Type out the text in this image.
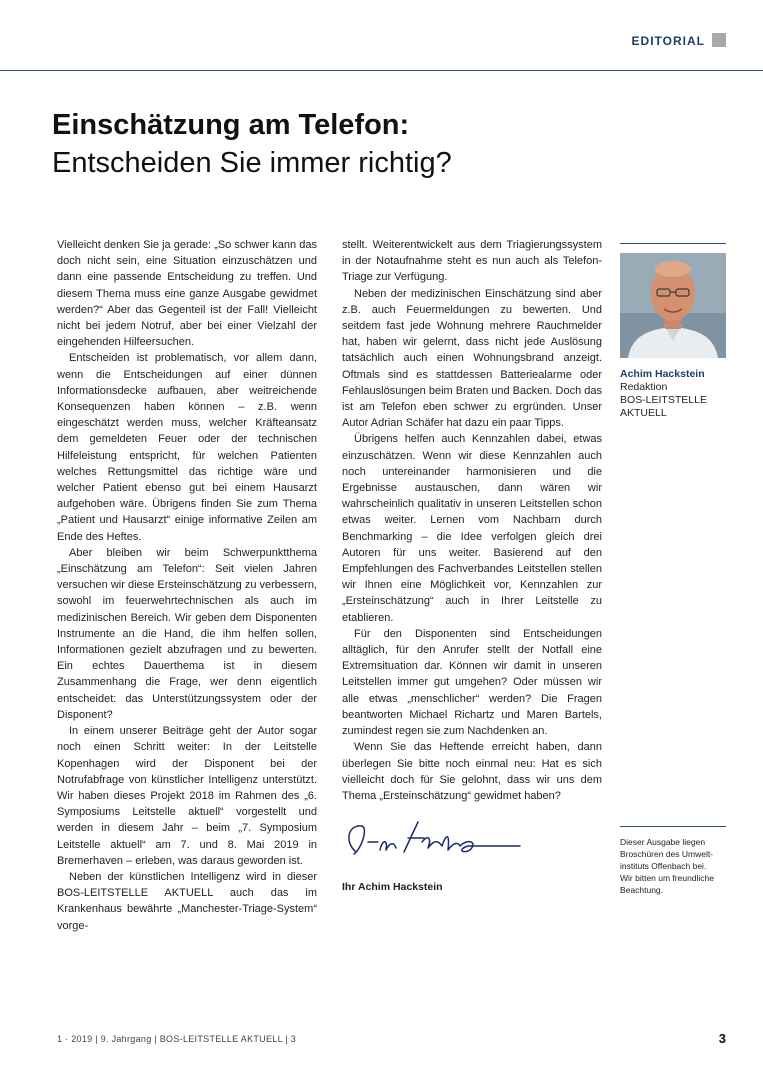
EDITORIAL
Einschätzung am Telefon:
Entscheiden Sie immer richtig?

Vielleicht denken Sie ja gerade: „So schwer kann das doch nicht sein, eine Situation einzuschätzen und dann eine passende Entscheidung zu treffen. Und diesem Thema muss eine ganze Ausgabe gewidmet werden?“ Aber das Gegenteil ist der Fall! Vielleicht nicht bei jedem Notruf, aber bei einer Vielzahl der eingehenden Hilfeersuchen.

Entscheiden ist problematisch, vor allem dann, wenn die Entscheidungen auf einer dünnen Informationsdecke aufbauen, aber weitreichende Konsequenzen haben können – z.B. wenn eingeschätzt werden muss, welcher Kräfteansatz dem gemeldeten Feuer oder der technischen Hilfeleistung entspricht, für welchen Patienten welches Rettungsmittel das richtige wäre und welcher Patient ebenso gut bei einem Hausarzt aufgehoben wäre. Übrigens finden Sie zum Thema „Patient und Hausarzt“ einige informative Zeilen am Ende des Heftes.

Aber bleiben wir beim Schwerpunktthema „Einschätzung am Telefon“: Seit vielen Jahren versuchen wir diese Ersteinschätzung zu verbessern, sowohl im feuerwehrtechnischen als auch im medizinischen Bereich. Wir geben dem Disponenten Instrumente an die Hand, die ihm helfen sollen, Informationen gezielt abzufragen und zu bewerten. Ein echtes Dauerthema ist in diesem Zusammenhang die Frage, wer denn eigentlich entscheidet: das Unterstützungssystem oder der Disponent?

In einem unserer Beiträge geht der Autor sogar noch einen Schritt weiter: In der Leitstelle Kopenhagen wird der Disponent bei der Notrufabfrage von künstlicher Intelligenz unterstützt. Wir haben dieses Projekt 2018 im Rahmen des „6. Symposiums Leitstelle aktuell“ vorgestellt und werden in diesem Jahr – beim „7. Symposium Leitstelle aktuell“ am 7. und 8. Mai 2019 in Bremerhaven – erleben, was daraus geworden ist.

Neben der künstlichen Intelligenz wird in dieser BOS-LEITSTELLE AKTUELL auch das im Krankenhaus bewährte „Manchester-Triage-System“ vorge-

stellt. Weiterentwickelt aus dem Triagierungssystem in der Notaufnahme steht es nun auch als Telefon-Triage zur Verfügung.

Neben der medizinischen Einschätzung sind aber z.B. auch Feuermeldungen zu bewerten. Und seitdem fast jede Wohnung mehrere Rauchmelder hat, haben wir gelernt, dass nicht jede Auslösung tatsächlich auch einen Wohnungsbrand anzeigt. Oftmals sind es stattdessen Batteriealarme oder Fehlauslösungen beim Braten und Backen. Doch das ist am Telefon eben schwer zu ergründen. Unser Autor Adrian Schäfer hat dazu ein paar Tipps.

Übrigens helfen auch Kennzahlen dabei, etwas einzuschätzen. Wenn wir diese Kennzahlen auch noch untereinander harmonisieren und die Ergebnisse austauschen, dann wären wir wahrscheinlich qualitativ in unseren Leitstellen schon etwas weiter. Lernen vom Nachbarn durch Benchmarking – die Idee verfolgen gleich drei Autoren für uns weiter. Basierend auf den Empfehlungen des Fachverbandes Leitstellen stellen wir Ihnen eine Möglichkeit vor, Kennzahlen zur „Ersteinschätzung“ auch in Ihrer Leitstelle zu etablieren.

Für den Disponenten sind Entscheidungen alltäglich, für den Anrufer stellt der Notfall eine Extremsituation dar. Können wir damit in unseren Leitstellen immer gut umgehen? Oder müssen wir alle etwas „menschlicher“ werden? Die Fragen beantworten Michael Richartz und Maren Bartels, zumindest regen sie zum Nachdenken an.

Wenn Sie das Heftende erreicht haben, dann überlegen Sie bitte noch einmal neu: Hat es sich vielleicht doch für Sie gelohnt, dass wir uns dem Thema „Ersteinschätzung“ gewidmet haben?

Ihr Achim Hackstein
Achim Hackstein
Redaktion
BOS-LEITSTELLE
AKTUELL
Dieser Ausgabe liegen
Broschüren des Umwelt-
instituts Offenbach bei.
Wir bitten um freundliche
Beachtung.
1 · 2019 | 9. Jahrgang | BOS-LEITSTELLE AKTUELL | 3	3
